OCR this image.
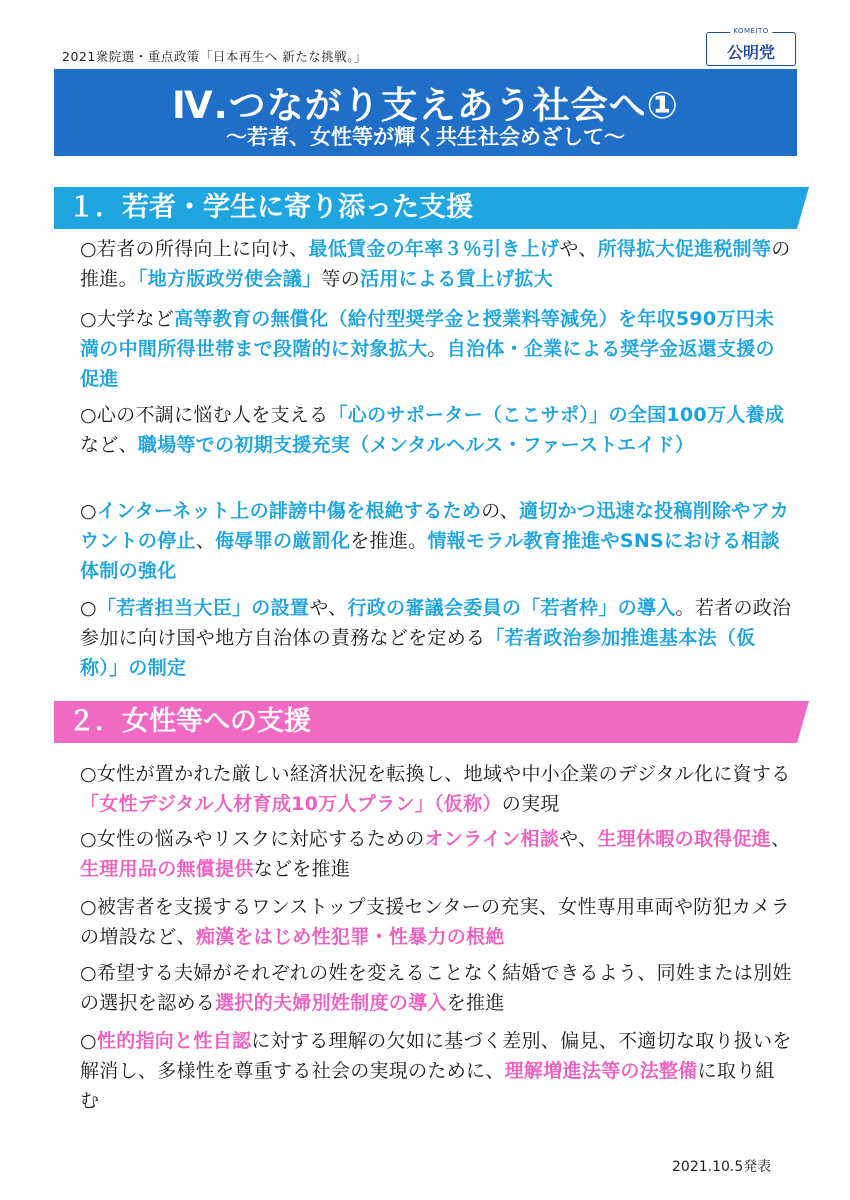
2021衆院選・重点政策「日本再生へ 新たな挑戦。」
KOMEITO
公明党
Ⅳ.つながり支えあう社会へ①
〜若者、女性等が輝く共生社会めざして〜
１．若者・学生に寄り添った支援
○若者の所得向上に向け、最低賃金の年率３％引き上げや、所得拡大促進税制等の推進。「地方版政労使会議」等の活用による賃上げ拡大
○大学など高等教育の無償化（給付型奨学金と授業料等減免）を年収590万円未満の中間所得世帯まで段階的に対象拡大。自治体・企業による奨学金返還支援の促進
○心の不調に悩む人を支える「心のサポーター（ここサポ）」の全国100万人養成など、職場等での初期支援充実（メンタルヘルス・ファーストエイド）
○インターネット上の誹謗中傷を根絶するための、適切かつ迅速な投稿削除やアカウントの停止、侮辱罪の厳罰化を推進。情報モラル教育推進やSNSにおける相談体制の強化
○「若者担当大臣」の設置や、行政の審議会委員の「若者枠」の導入。若者の政治参加に向け国や地方自治体の責務などを定める「若者政治参加推進基本法（仮称）」の制定
２．女性等への支援
○女性が置かれた厳しい経済状況を転換し、地域や中小企業のデジタル化に資する「女性デジタル人材育成10万人プラン」（仮称）の実現
○女性の悩みやリスクに対応するためのオンライン相談や、生理休暇の取得促進、生理用品の無償提供などを推進
○被害者を支援するワンストップ支援センターの充実、女性専用車両や防犯カメラの増設など、痴漢をはじめ性犯罪・性暴力の根絶
○希望する夫婦がそれぞれの姓を変えることなく結婚できるよう、同姓または別姓の選択を認める選択的夫婦別姓制度の導入を推進
○性的指向と性自認に対する理解の欠如に基づく差別、偏見、不適切な取り扱いを解消し、多様性を尊重する社会の実現のために、理解増進法等の法整備に取り組む
2021.10.5発表
